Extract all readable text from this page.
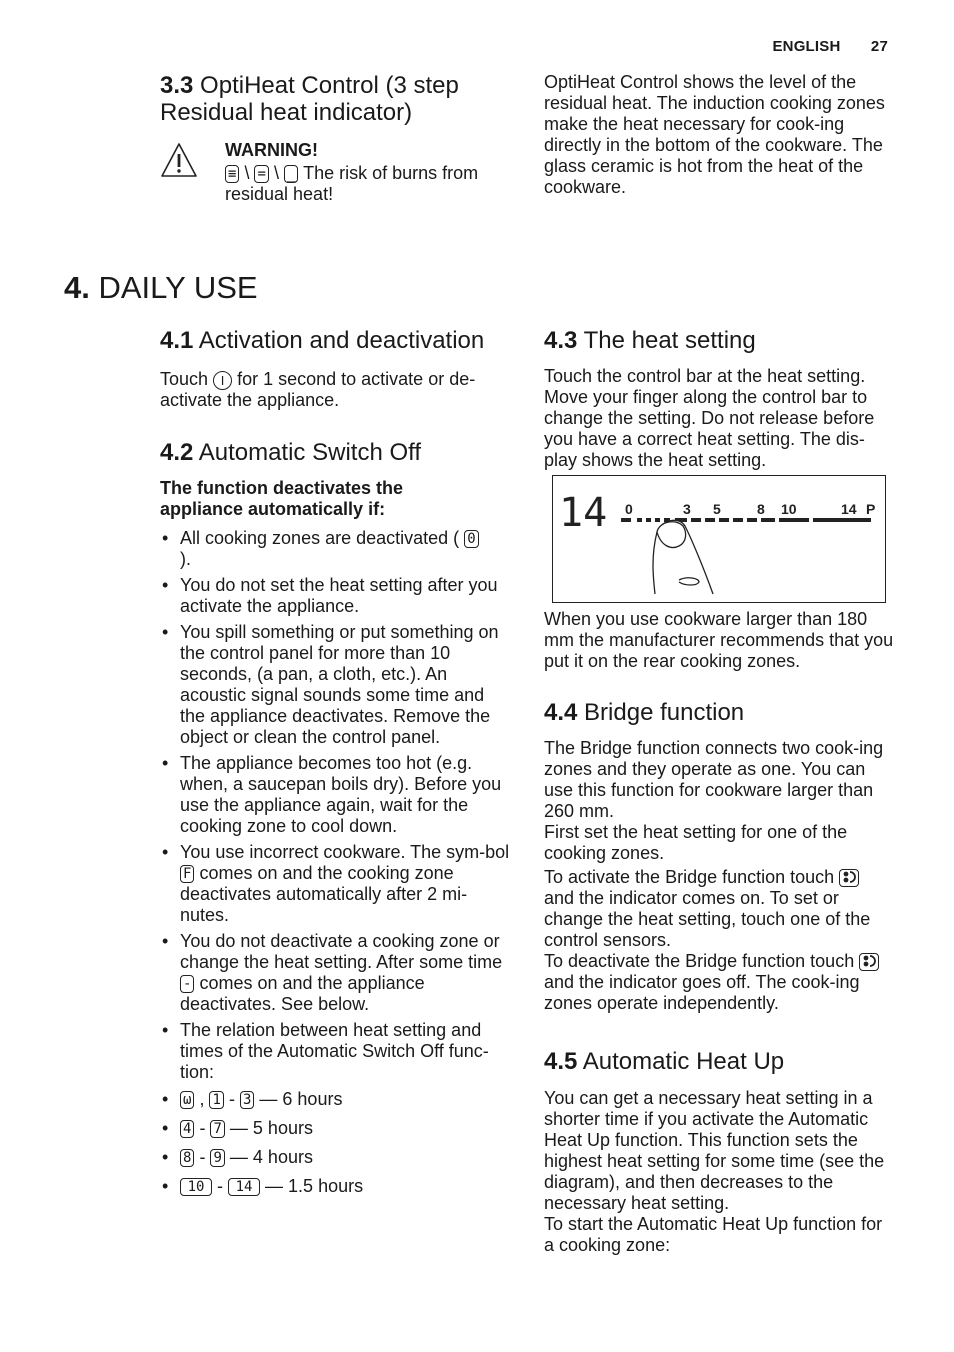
ENGLISH 27
3.3 OptiHeat Control (3 step Residual heat indicator)
WARNING!
≡ \ = \ _ The risk of burns from residual heat!
OptiHeat Control shows the level of the residual heat. The induction cooking zones make the heat necessary for cook-ing directly in the bottom of the cookware. The glass ceramic is hot from the heat of the cookware.
4. DAILY USE
4.1 Activation and deactivation
Touch I for 1 second to activate or de-activate the appliance.
4.2 Automatic Switch Off
The function deactivates the appliance automatically if:
• All cooking zones are deactivated ( 0
).
• You do not set the heat setting after you activate the appliance.
• You spill something or put something on the control panel for more than 10 seconds, (a pan, a cloth, etc.). An acoustic signal sounds some time and the appliance deactivates. Remove the object or clean the control panel.
• The appliance becomes too hot (e.g. when, a saucepan boils dry). Before you use the appliance again, wait for the cooking zone to cool down.
• You use incorrect cookware. The sym-bol F comes on and the cooking zone deactivates automatically after 2 mi-nutes.
• You do not deactivate a cooking zone or change the heat setting. After some time - comes on and the appliance deactivates. See below.
• The relation between heat setting and times of the Automatic Switch Off func-tion:
• ω , 1 - 3 — 6 hours
• 4 - 7 — 5 hours
• 8 - 9 — 4 hours
• 10 - 14 — 1.5 hours
4.3 The heat setting
Touch the control bar at the heat setting. Move your finger along the control bar to change the setting. Do not release before you have a correct heat setting. The dis-play shows the heat setting.
14 0	3 5	8 10	14 P
When you use cookware larger than 180 mm the manufacturer recommends that you put it on the rear cooking zones.
4.4 Bridge function
The Bridge function connects two cook-ing zones and they operate as one. You can use this function for cookware larger than 260 mm.
First set the heat setting for one of the cooking zones.
To activate the Bridge function touch  and the indicator comes on. To set or change the heat setting, touch one of the control sensors.
To deactivate the Bridge function touch  and the indicator goes off. The cook-ing zones operate independently.
4.5 Automatic Heat Up
You can get a necessary heat setting in a shorter time if you activate the Automatic Heat Up function. This function sets the highest heat setting for some time (see the diagram), and then decreases to the necessary heat setting.
To start the Automatic Heat Up function for a cooking zone:
